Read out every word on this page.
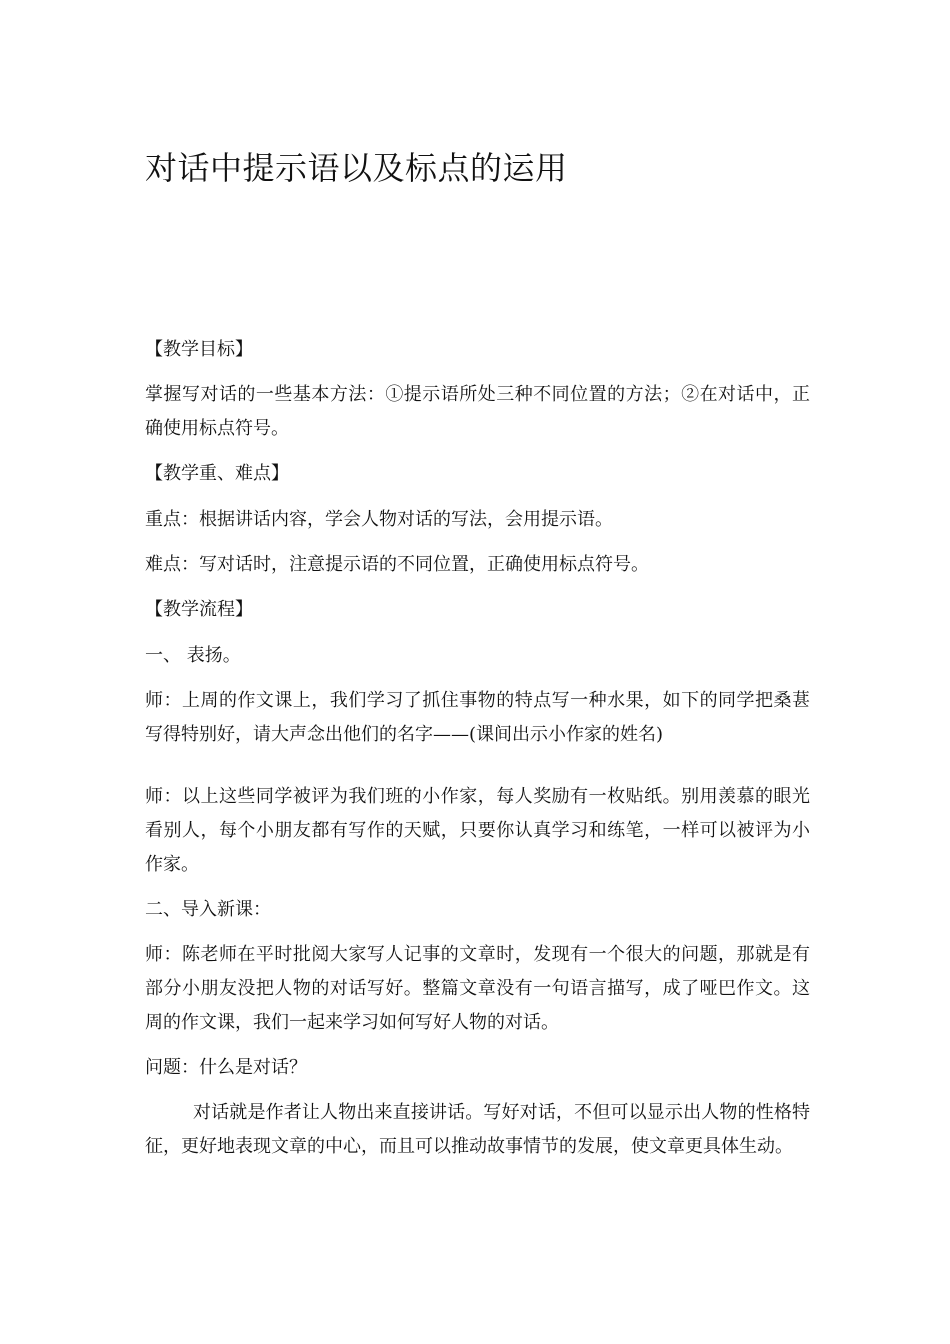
对话中提示语以及标点的运用

【教学目标】

掌握写对话的一些基本方法：①提示语所处三种不同位置的方法；②在对话中，正确使用标点符号。

【教学重、难点】

重点：根据讲话内容，学会人物对话的写法，会用提示语。

难点：写对话时，注意提示语的不同位置，正确使用标点符号。

【教学流程】

一、 表扬。

师：上周的作文课上，我们学习了抓住事物的特点写一种水果，如下的同学把桑葚写得特别好，请大声念出他们的名字——(课间出示小作家的姓名)

师：以上这些同学被评为我们班的小作家，每人奖励有一枚贴纸。别用羡慕的眼光看别人，每个小朋友都有写作的天赋，只要你认真学习和练笔，一样可以被评为小作家。

二、导入新课：

师：陈老师在平时批阅大家写人记事的文章时，发现有一个很大的问题，那就是有部分小朋友没把人物的对话写好。整篇文章没有一句语言描写，成了哑巴作文。这周的作文课，我们一起来学习如何写好人物的对话。

问题：什么是对话？

对话就是作者让人物出来直接讲话。写好对话，不但可以显示出人物的性格特征，更好地表现文章的中心，而且可以推动故事情节的发展，使文章更具体生动。
